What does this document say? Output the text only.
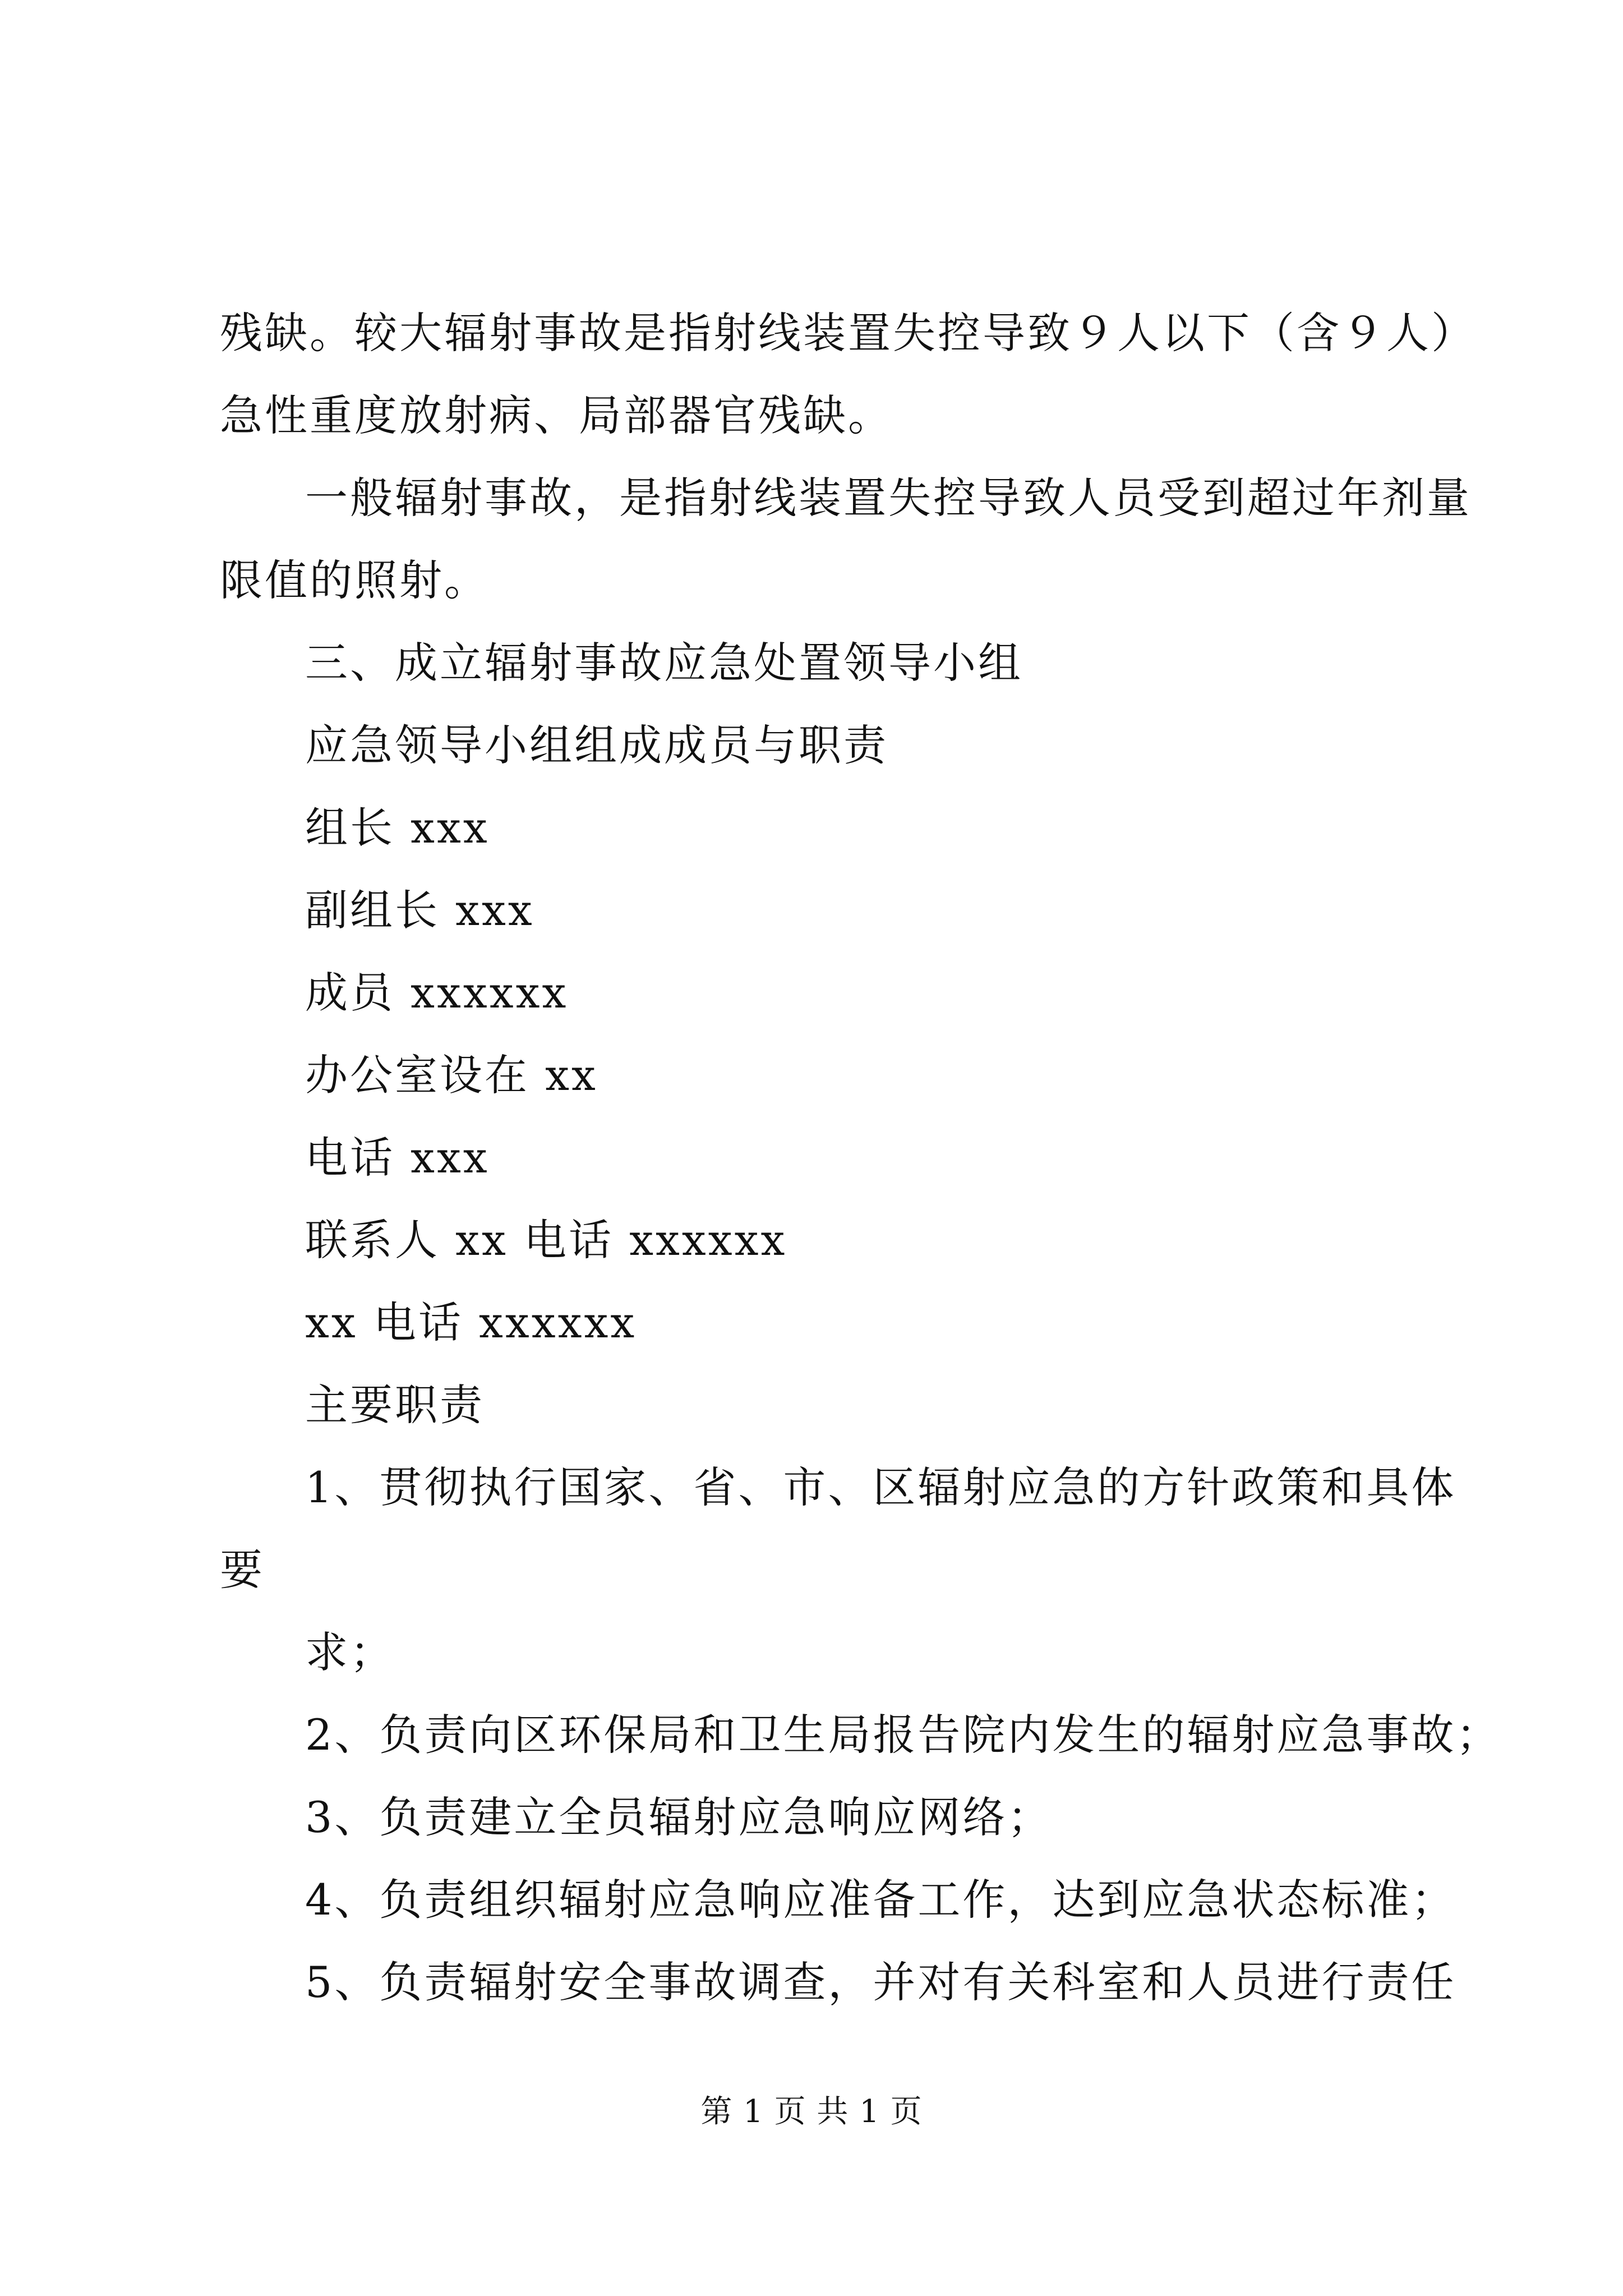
残缺。较大辐射事故是指射线装置失控导致９人以下（含９人）
急性重度放射病、局部器官残缺。
一般辐射事故，是指射线装置失控导致人员受到超过年剂量
限值的照射。
三、成立辐射事故应急处置领导小组
应急领导小组组成成员与职责
组长 xxx
副组长 xxx
成员 xxxxxx
办公室设在 xx
电话 xxx
联系人 xx 电话 xxxxxx
xx 电话 xxxxxx
主要职责
1、贯彻执行国家、省、市、区辐射应急的方针政策和具体
要
求；
2、负责向区环保局和卫生局报告院内发生的辐射应急事故；
3、负责建立全员辐射应急响应网络；
4、负责组织辐射应急响应准备工作，达到应急状态标准；
5、负责辐射安全事故调查，并对有关科室和人员进行责任
第 1 页 共 1 页
